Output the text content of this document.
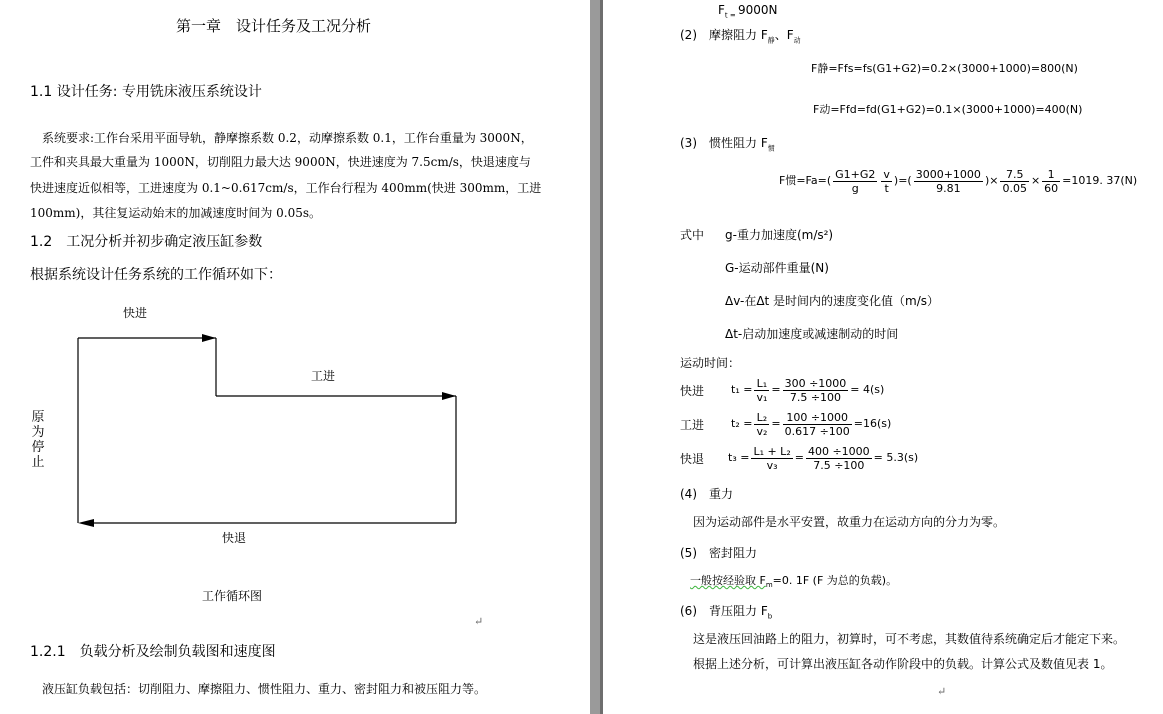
第一章　设计任务及工况分析
1.1 设计任务: 专用铣床液压系统设计
系统要求:工作台采用平面导轨，静摩擦系数 0.2，动摩擦系数 0.1，工作台重量为 3000N，
工件和夹具最大重量为 1000N，切削阻力最大达 9000N，快进速度为 7.5cm/s，快退速度与
快进速度近似相等，工进速度为 0.1~0.617cm/s，工作台行程为 400mm(快进 300mm，工进
100mm)，其往复运动始末的加减速度时间为 0.05s。
1.2　工况分析并初步确定液压缸参数
根据系统设计任务系统的工作循环如下：
快进
工进
快退
原为停止
工作循环图
↵
1.2.1　负载分析及绘制负载图和速度图
液压缸负载包括：切削阻力、摩擦阻力、惯性阻力、重力、密封阻力和被压阻力等。
$F_{t =}$ 9000N
(2)　摩擦阻力 $F_静$、$F_动$
F静=Ffs=fs(G1+G2)=0.2×(3000+1000)=800(N)
F动=Ffd=fd(G1+G2)=0.1×(3000+1000)=400(N)
(3)　惯性阻力 $F_惯$
F惯$=Fa=( \frac{G1+G2}{g} \frac{v}{t}$ )=( $\frac{3000+1000}{9.81}$ )× $\frac{7.5}{0.05} \times \frac{1}{60} =1019$. 37(N)
式中 g-重力加速度(m/s²)
G-运动部件重量(N)
Δv-在Δt 是时间内的速度变化值（m/s）
Δt-启动加速度或减速制动的时间
运动时间：
快进 $t_1 = \frac{\text{L₁}}{\text{v₁}} = \frac{300 \div 1000}{7.5 \div 100} = 4(s)$
工进 $t_2 = \frac{\text{L₂}}{\text{v₂}} = \frac{100 \div 1000}{0.617 \div 100} =16(s)$
快退 $t_3 = \frac{\text{L₁ + L₂}}{\text{v₃}} = \frac{400 \div 1000}{7.5 \div 100} = 5.3(s)$
(4)　重力
因为运动部件是水平安置，故重力在运动方向的分力为零。
(5)　密封阻力
一般按经验取 $F_m=0$. 1F (F 为总的负载)。
(6)　背压阻力 $F_b$
这是液压回油路上的阻力，初算时，可不考虑，其数值待系统确定后才能定下来。
根据上述分析，可计算出液压缸各动作阶段中的负载。计算公式及数值见表 1。
↵
